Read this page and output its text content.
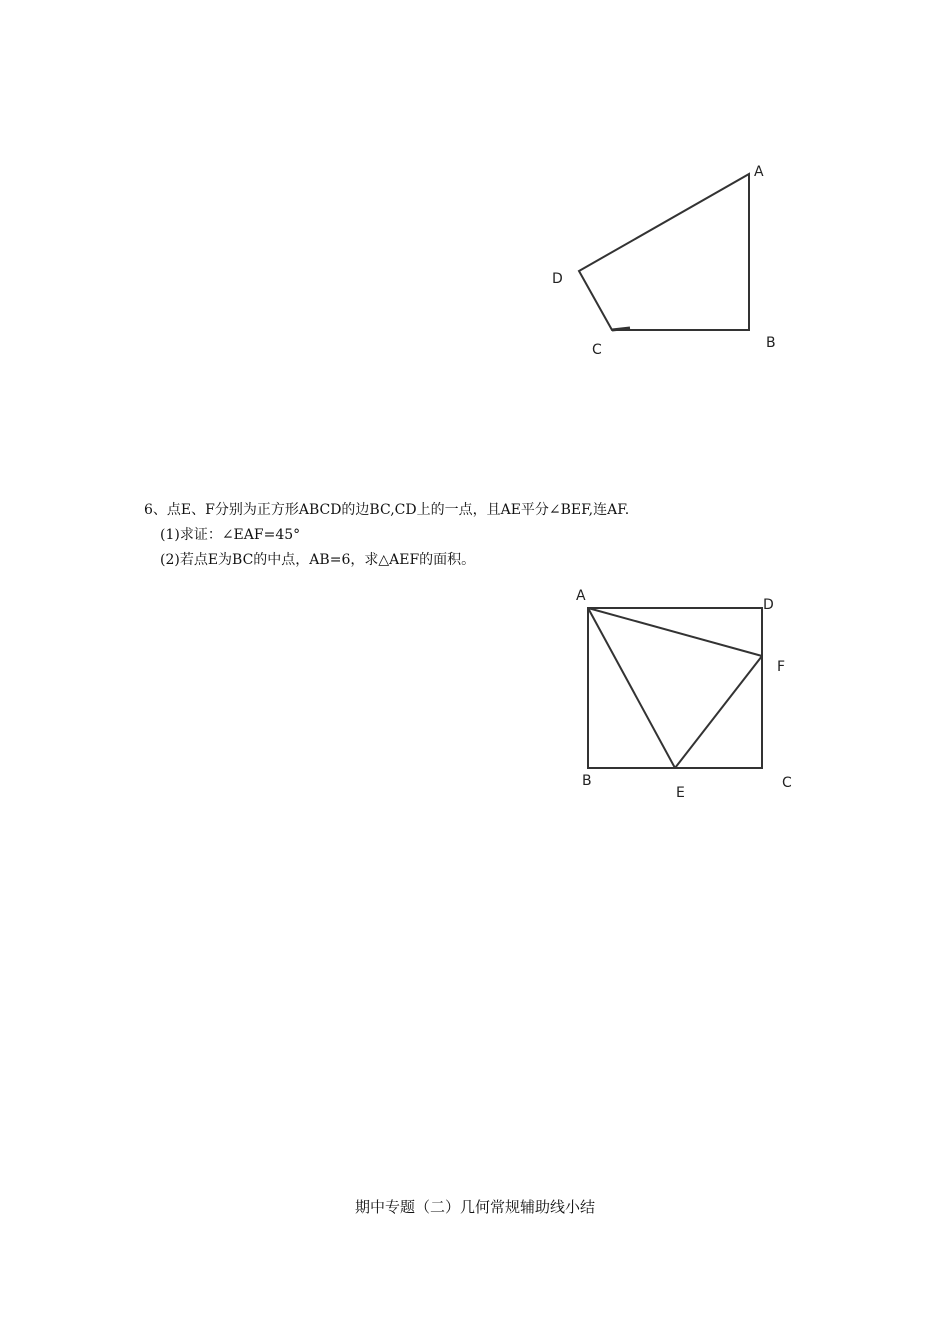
A
B
C
D
6、点E、F分别为正方形ABCD的边BC,CD上的一点，且AE平分∠BEF,连AF.
(1)求证：∠EAF=45°
(2)若点E为BC的中点，AB=6，求△AEF的面积。
A
D
F
B
E
C
期中专题（二）几何常规辅助线小结
